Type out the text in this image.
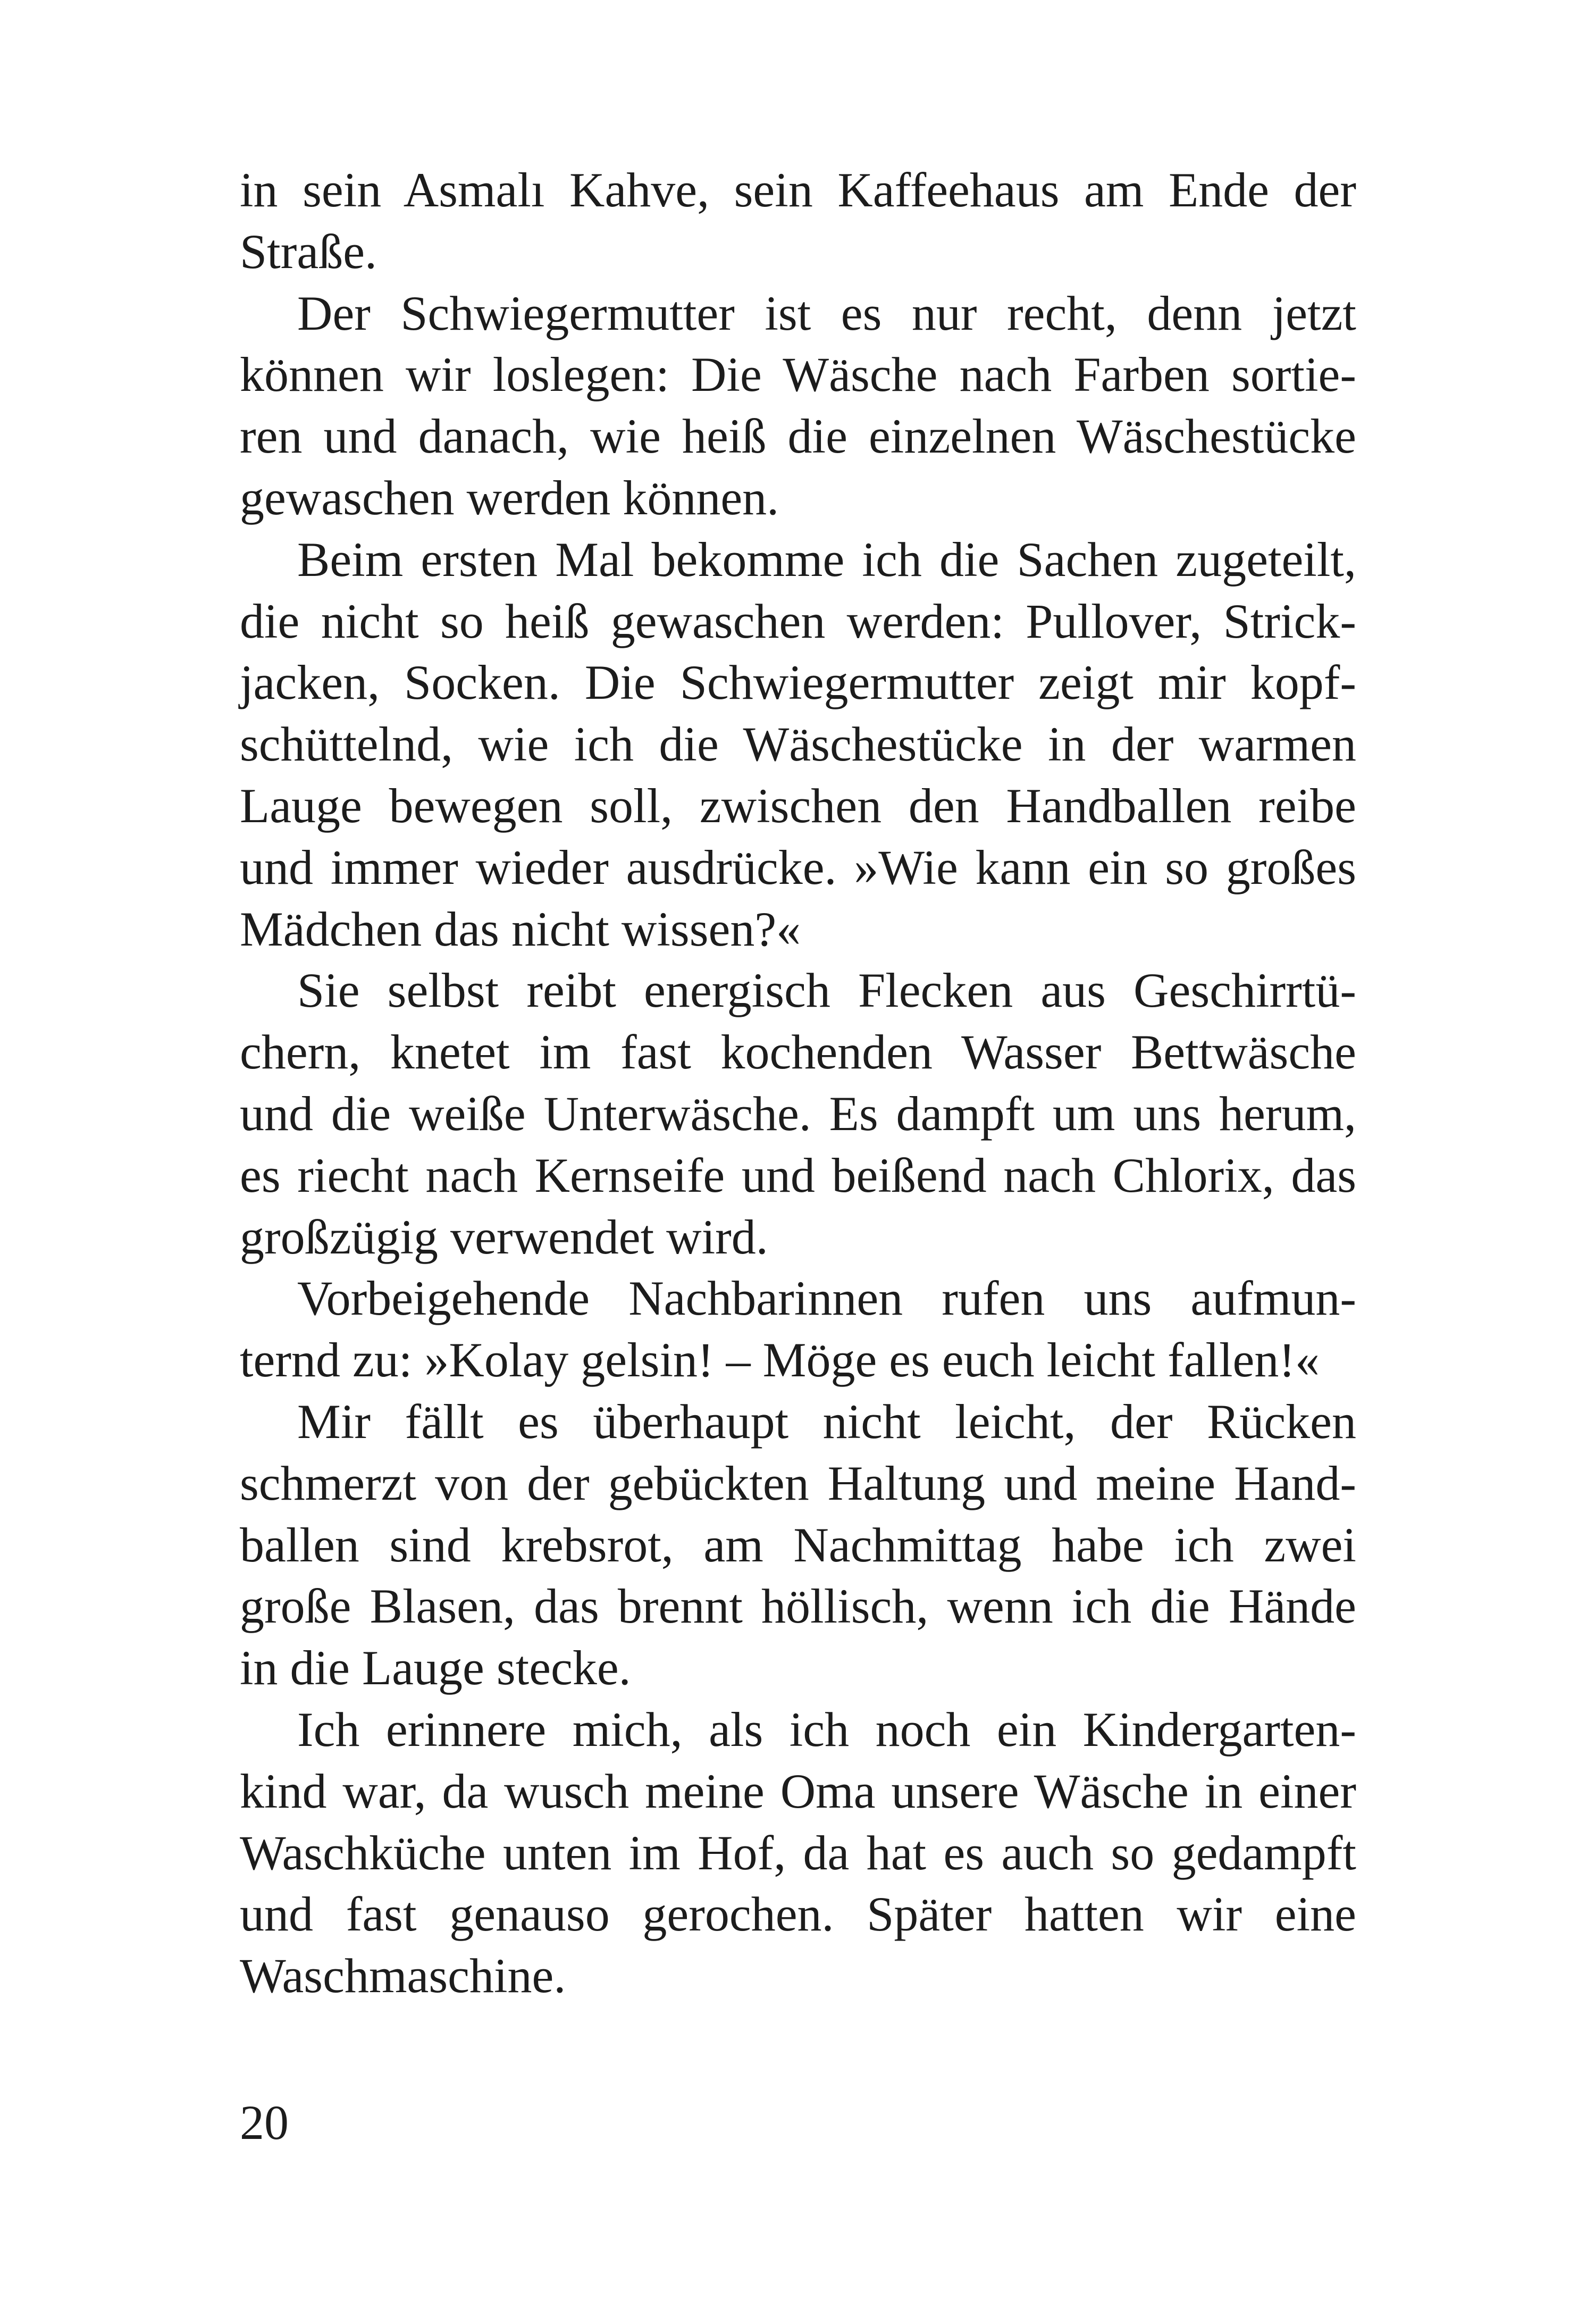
in sein Asmalı Kahve, sein Kaffeehaus am Ende der
Straße.

Der Schwiegermutter ist es nur recht, denn jetzt
können wir loslegen: Die Wäsche nach Farben sortie-
ren und danach, wie heiß die einzelnen Wäschestücke
gewaschen werden können.

Beim ersten Mal bekomme ich die Sachen zugeteilt,
die nicht so heiß gewaschen werden: Pullover, Strick-
jacken, Socken. Die Schwiegermutter zeigt mir kopf-
schüttelnd, wie ich die Wäschestücke in der warmen
Lauge bewegen soll, zwischen den Handballen reibe
und immer wieder ausdrücke. »Wie kann ein so großes
Mädchen das nicht wissen?«

Sie selbst reibt energisch Flecken aus Geschirrtü-
chern, knetet im fast kochenden Wasser Bettwäsche
und die weiße Unterwäsche. Es dampft um uns herum,
es riecht nach Kernseife und beißend nach Chlorix, das
großzügig verwendet wird.

Vorbeigehende Nachbarinnen rufen uns aufmun-
ternd zu: »Kolay gelsin! – Möge es euch leicht fallen!«

Mir fällt es überhaupt nicht leicht, der Rücken
schmerzt von der gebückten Haltung und meine Hand-
ballen sind krebsrot, am Nachmittag habe ich zwei
große Blasen, das brennt höllisch, wenn ich die Hände
in die Lauge stecke.

Ich erinnere mich, als ich noch ein Kindergarten-
kind war, da wusch meine Oma unsere Wäsche in einer
Waschküche unten im Hof, da hat es auch so gedampft
und fast genauso gerochen. Später hatten wir eine
Waschmaschine.

20
